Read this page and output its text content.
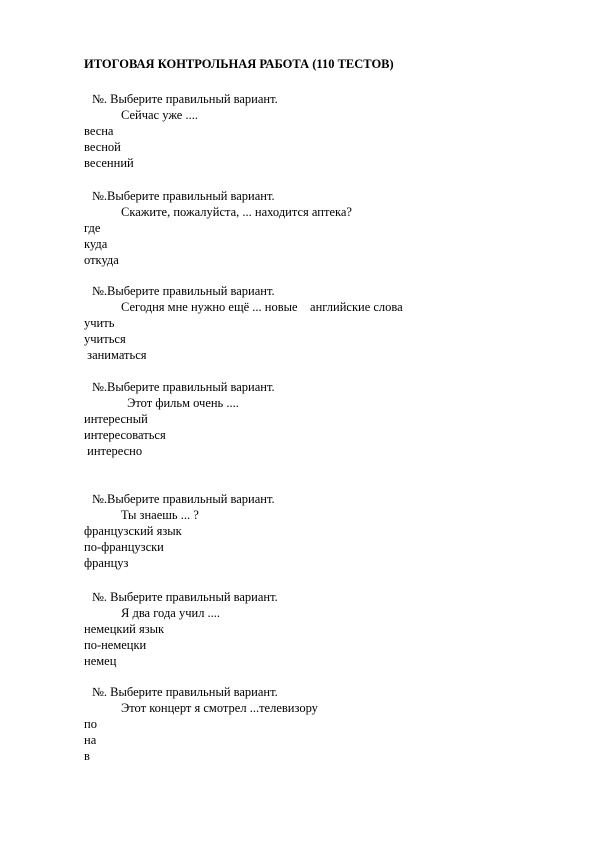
ИТОГОВАЯ КОНТРОЛЬНАЯ РАБОТА (110 ТЕСТОВ)
№. Выберите правильный вариант.
Сейчас уже ....
весна
весной
весенний
№.Выберите правильный вариант.
Скажите, пожалуйста, ... находится аптека?
где
куда
откуда
№.Выберите правильный вариант.
Сегодня мне нужно ещё ... новые    английские слова
учить
учиться
заниматься
№.Выберите правильный вариант.
Этот фильм очень ....
интересный
интересоваться
интересно
№.Выберите правильный вариант.
Ты знаешь ... ?
французский язык
по-французски
француз
№. Выберите правильный вариант.
Я два года учил ....
немецкий язык
по-немецки
немец
№. Выберите правильный вариант.
Этот концерт я смотрел ...телевизору
по
на
в
